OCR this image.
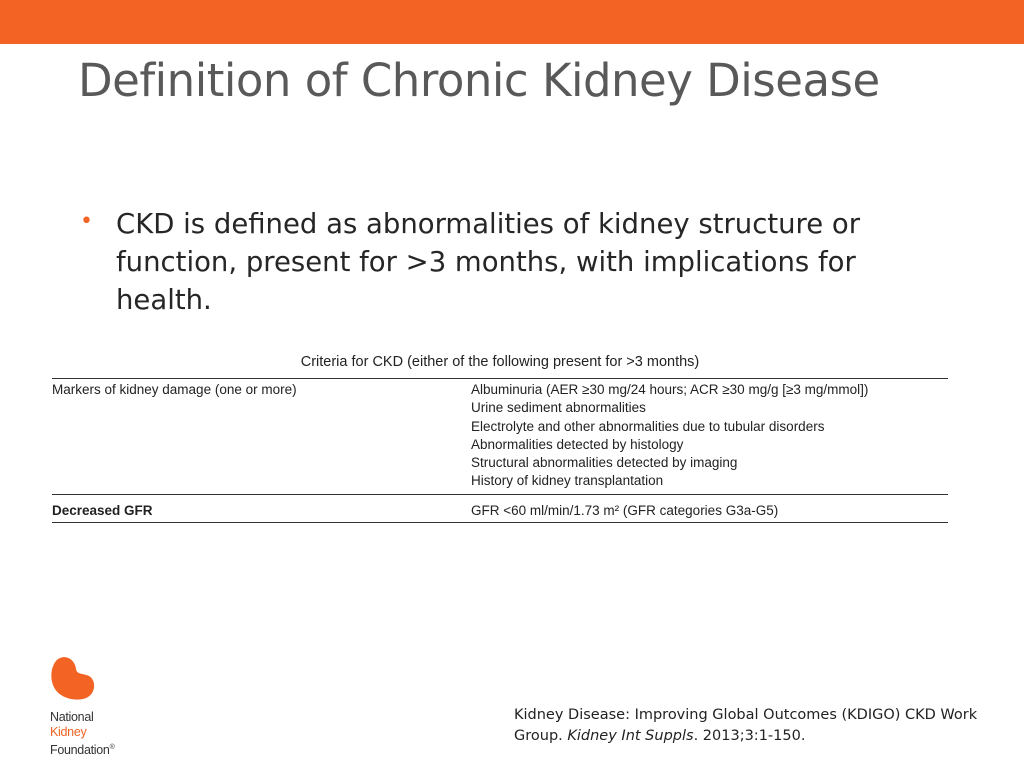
Definition of Chronic Kidney Disease
• CKD is defined as abnormalities of kidney structure or function, present for >3 months, with implications for health.

Criteria for CKD (either of the following present for >3 months)
Markers of kidney damage (one or more)	Albuminuria (AER ≥30 mg/24 hours; ACR ≥30 mg/g [≥3 mg/mmol])
Urine sediment abnormalities
Electrolyte and other abnormalities due to tubular disorders
Abnormalities detected by histology
Structural abnormalities detected by imaging
History of kidney transplantation
Decreased GFR	GFR <60 ml/min/1.73 m² (GFR categories G3a-G5)
National
Kidney
Foundation®
Kidney Disease: Improving Global Outcomes (KDIGO) CKD Work Group. Kidney Int Suppls. 2013;3:1-150.
